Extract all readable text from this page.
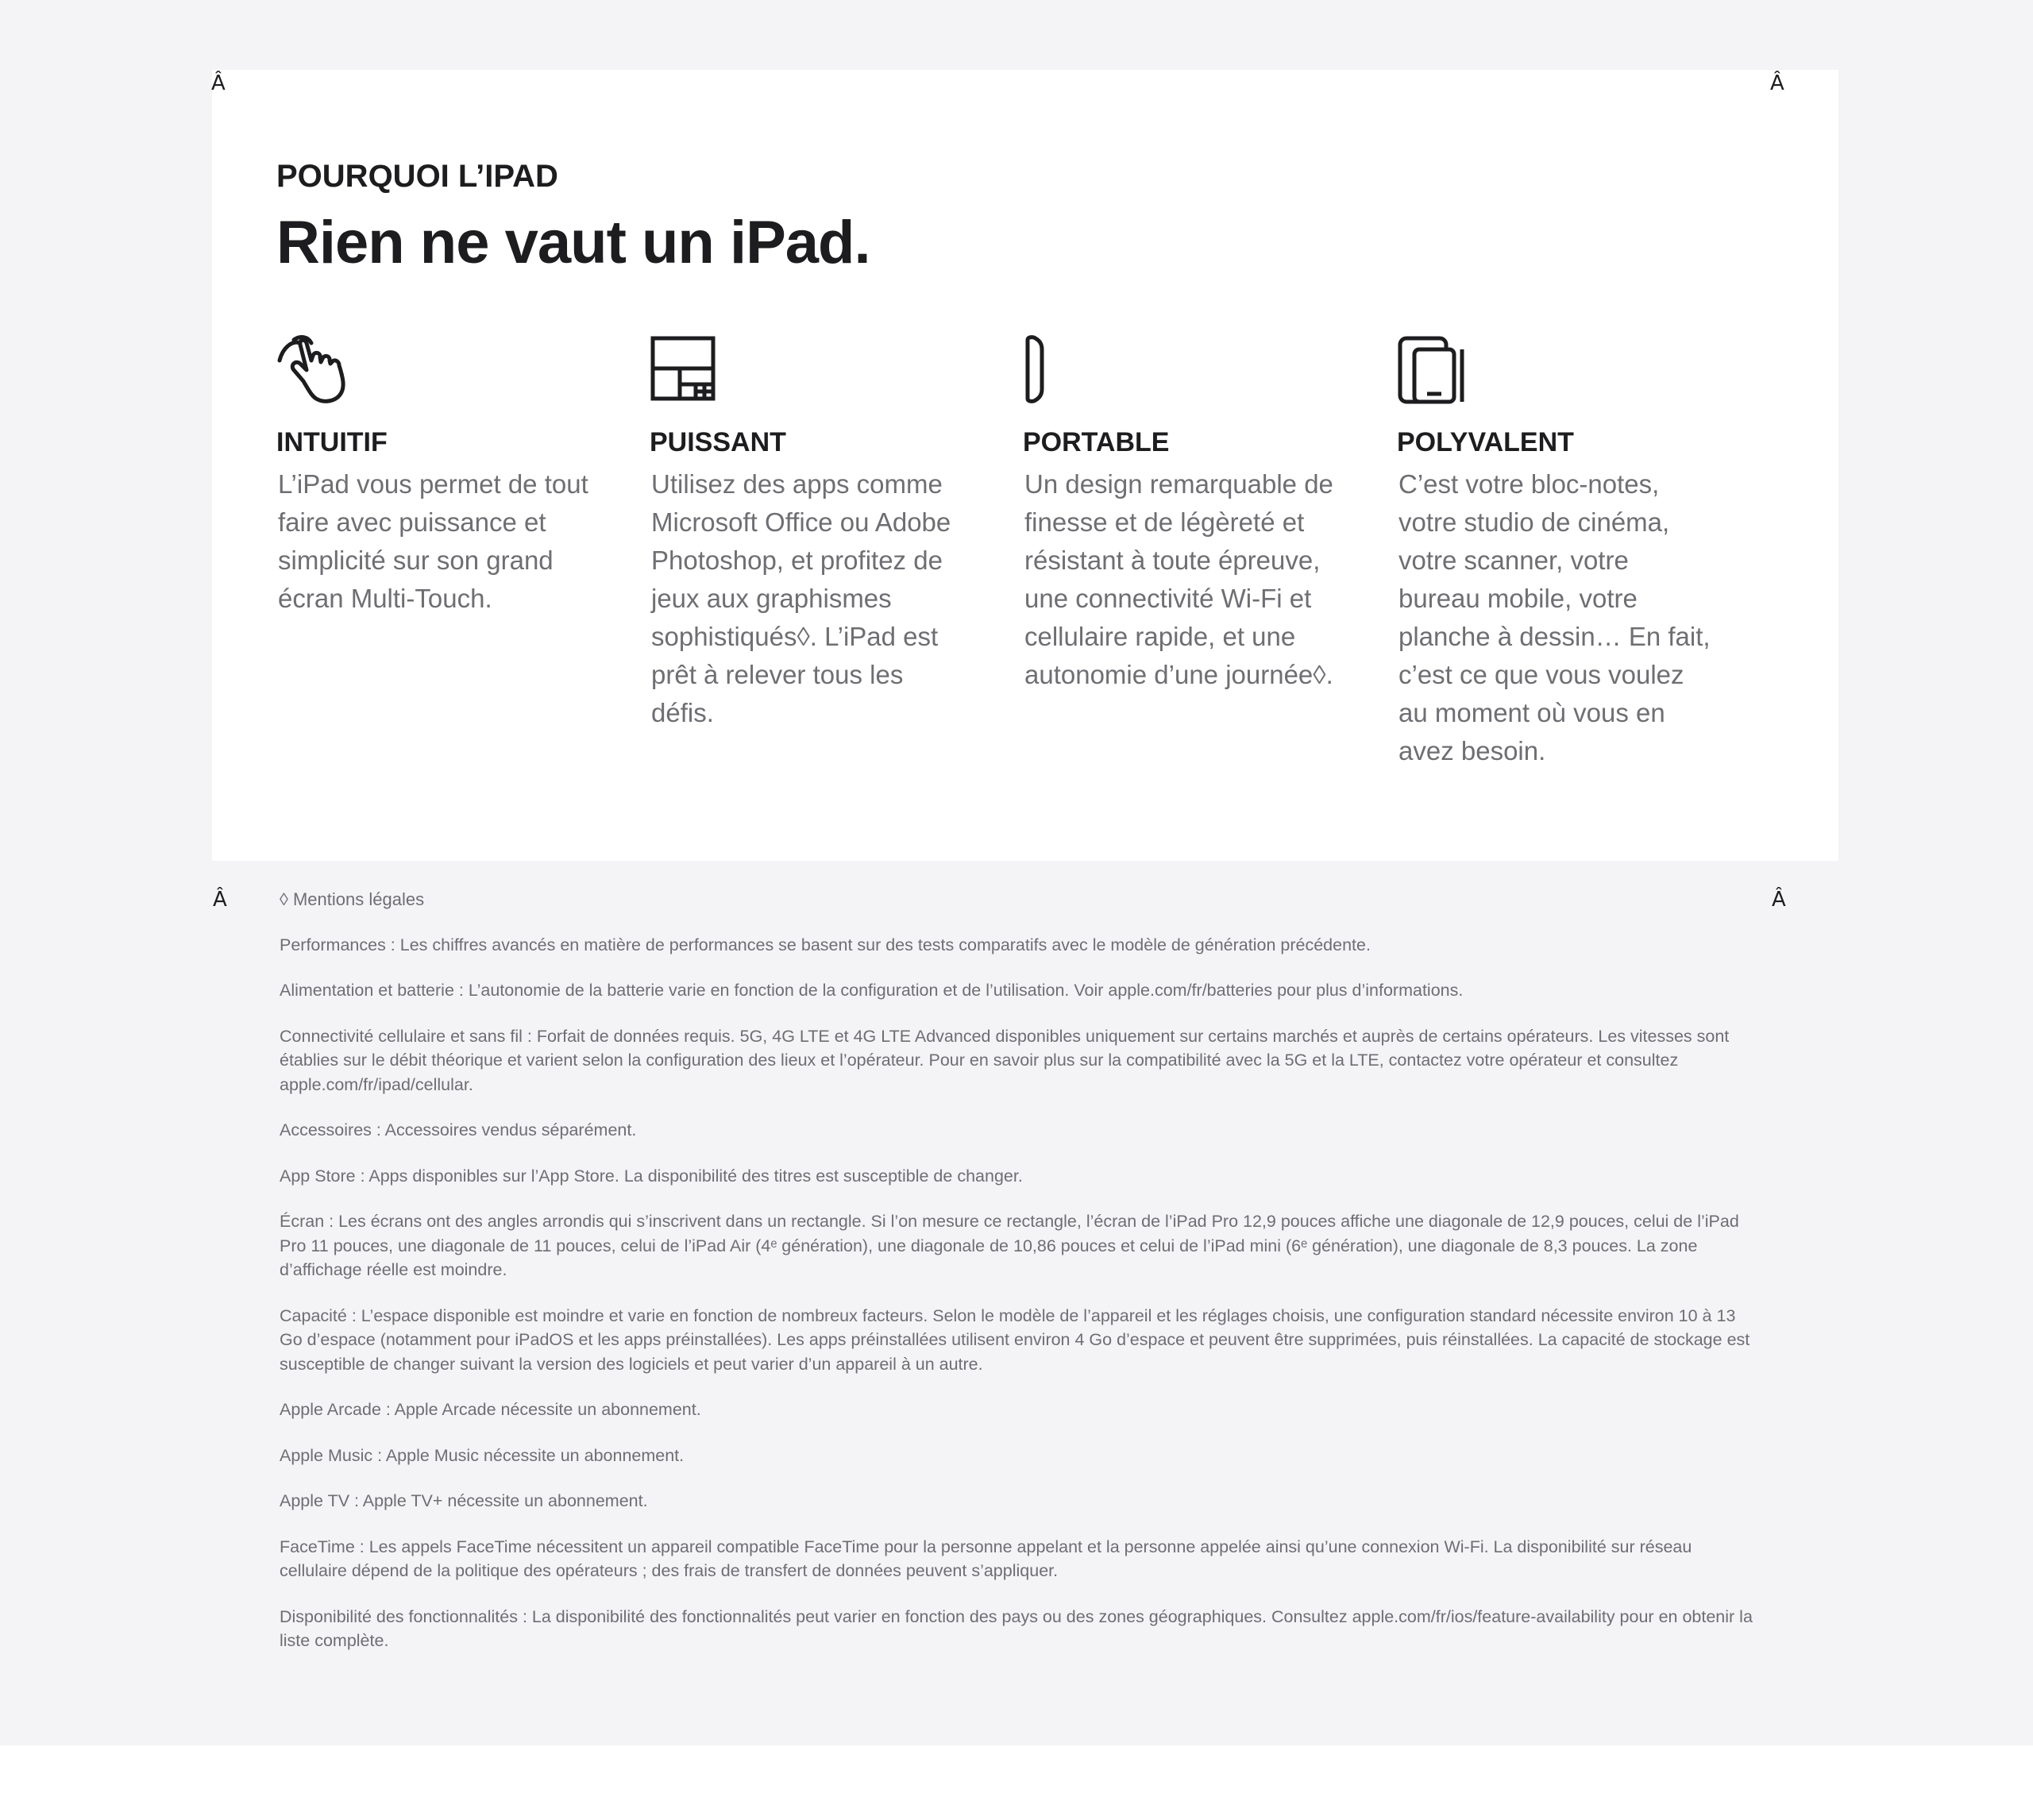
Â	Â
Â	Â
POURQUOI L’IPAD
Rien ne vaut un iPad.
INTUITIF

L’iPad vous permet de tout faire avec puissance et simplicité sur son grand écran Multi-Touch.

PUISSANT

Utilisez des apps comme Microsoft Office ou Adobe Photoshop, et profitez de jeux aux graphismes sophistiqués◊. L’iPad est prêt à relever tous les défis.

PORTABLE

Un design remarquable de finesse et de légèreté et résistant à toute épreuve, une connectivité Wi-Fi et cellulaire rapide, et une autonomie d’une journée◊.

POLYVALENT

C’est votre bloc-notes, votre studio de cinéma, votre scanner, votre bureau mobile, votre planche à dessin… En fait, c’est ce que vous voulez au moment où vous en avez besoin.

◊ Mentions légales

Performances : Les chiffres avancés en matière de performances se basent sur des tests comparatifs avec le modèle de génération précédente.

Alimentation et batterie : L’autonomie de la batterie varie en fonction de la configuration et de l’utilisation. Voir apple.com/fr/batteries pour plus d’informations.

Connectivité cellulaire et sans fil : Forfait de données requis. 5G, 4G LTE et 4G LTE Advanced disponibles uniquement sur certains marchés et auprès de certains opérateurs. Les vitesses sont établies sur le débit théorique et varient selon la configuration des lieux et l’opérateur. Pour en savoir plus sur la compatibilité avec la 5G et la LTE, contactez votre opérateur et consultez apple.com/fr/ipad/cellular.

Accessoires : Accessoires vendus séparément.

App Store : Apps disponibles sur l’App Store. La disponibilité des titres est susceptible de changer.

Écran : Les écrans ont des angles arrondis qui s’inscrivent dans un rectangle. Si l’on mesure ce rectangle, l’écran de l’iPad Pro 12,9 pouces affiche une diagonale de 12,9 pouces, celui de l’iPad Pro 11 pouces, une diagonale de 11 pouces, celui de l’iPad Air (4ᵉ génération), une diagonale de 10,86 pouces et celui de l’iPad mini (6ᵉ génération), une diagonale de 8,3 pouces. La zone d’affichage réelle est moindre.

Capacité : L’espace disponible est moindre et varie en fonction de nombreux facteurs. Selon le modèle de l’appareil et les réglages choisis, une configuration standard nécessite environ 10 à 13 Go d’espace (notamment pour iPadOS et les apps préinstallées). Les apps préinstallées utilisent environ 4 Go d’espace et peuvent être supprimées, puis réinstallées. La capacité de stockage est susceptible de changer suivant la version des logiciels et peut varier d’un appareil à un autre.

Apple Arcade : Apple Arcade nécessite un abonnement.

Apple Music : Apple Music nécessite un abonnement.

Apple TV : Apple TV+ nécessite un abonnement.

FaceTime : Les appels FaceTime nécessitent un appareil compatible FaceTime pour la personne appelant et la personne appelée ainsi qu’une connexion Wi-Fi. La disponibilité sur réseau cellulaire dépend de la politique des opérateurs ; des frais de transfert de données peuvent s’appliquer.

Disponibilité des fonctionnalités : La disponibilité des fonctionnalités peut varier en fonction des pays ou des zones géographiques. Consultez apple.com/fr/ios/feature-availability pour en obtenir la liste complète.
